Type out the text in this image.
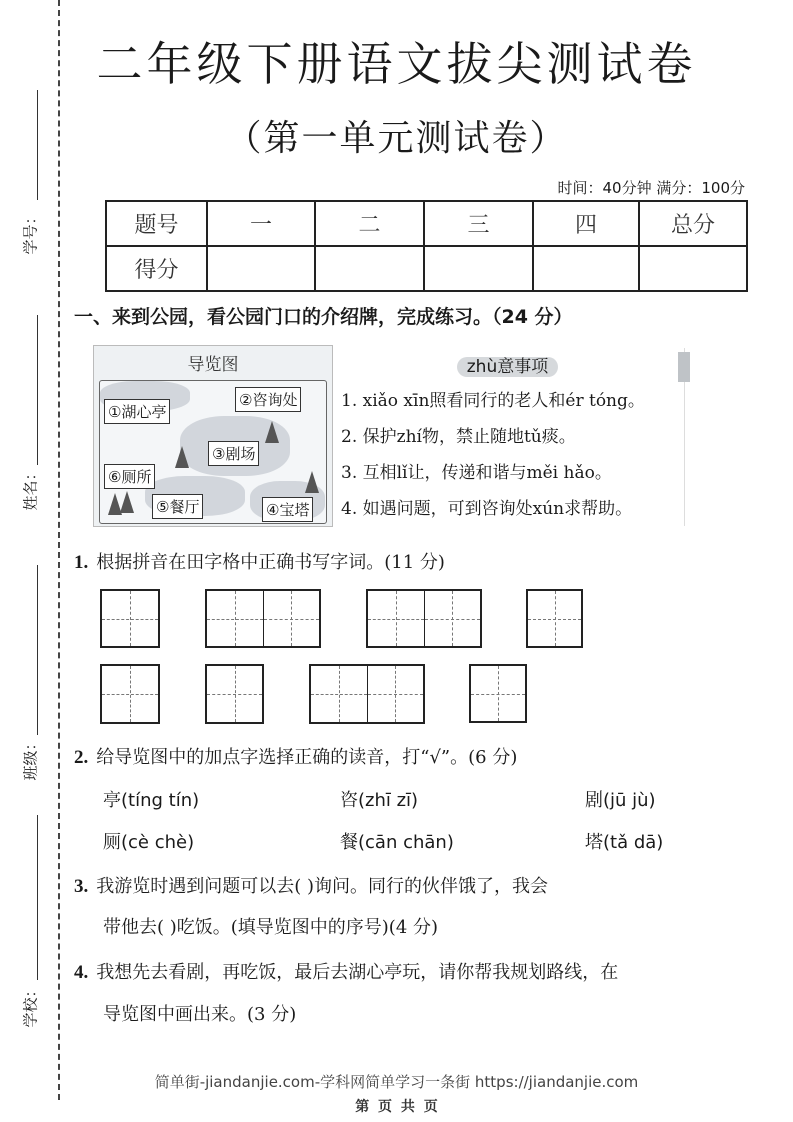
学号：
姓名：
班级：
学校：
二年级下册语文拔尖测试卷
（第一单元测试卷）
时间：40分钟 满分：100分
题号	一	二	三	四	总分
得分					
一、来到公园，看公园门口的介绍牌，完成练习。（24 分）
导览图
①湖心亭
②咨询处
③剧场
④宝塔
⑤餐厅
⑥厕所
zhù意事项
1. xiǎo xīn照看同行的老人和ér tóng。
2. 保护zhí物，禁止随地tǔ痰。
3. 互相lǐ让，传递和谐与měi hǎo。
4. 如遇问题，可到咨询处xún求帮助。
1. 根据拼音在田字格中正确书写字词。(11 分)
2. 给导览图中的加点字选择正确的读音，打“√”。(6 分)
亭(tíng tín)	咨(zhī zī)	剧(jū jù)
厕(cè chè)	餐(cān chān)	塔(tǎ dā)
3. 我游览时遇到问题可以去( )询问。同行的伙伴饿了，我会
带他去( )吃饭。(填导览图中的序号)(4 分)
4. 我想先去看剧，再吃饭，最后去湖心亭玩，请你帮我规划路线，在
导览图中画出来。(3 分)
简单街-jiandanjie.com-学科网简单学习一条街 https://jiandanjie.com
第 页 共 页
